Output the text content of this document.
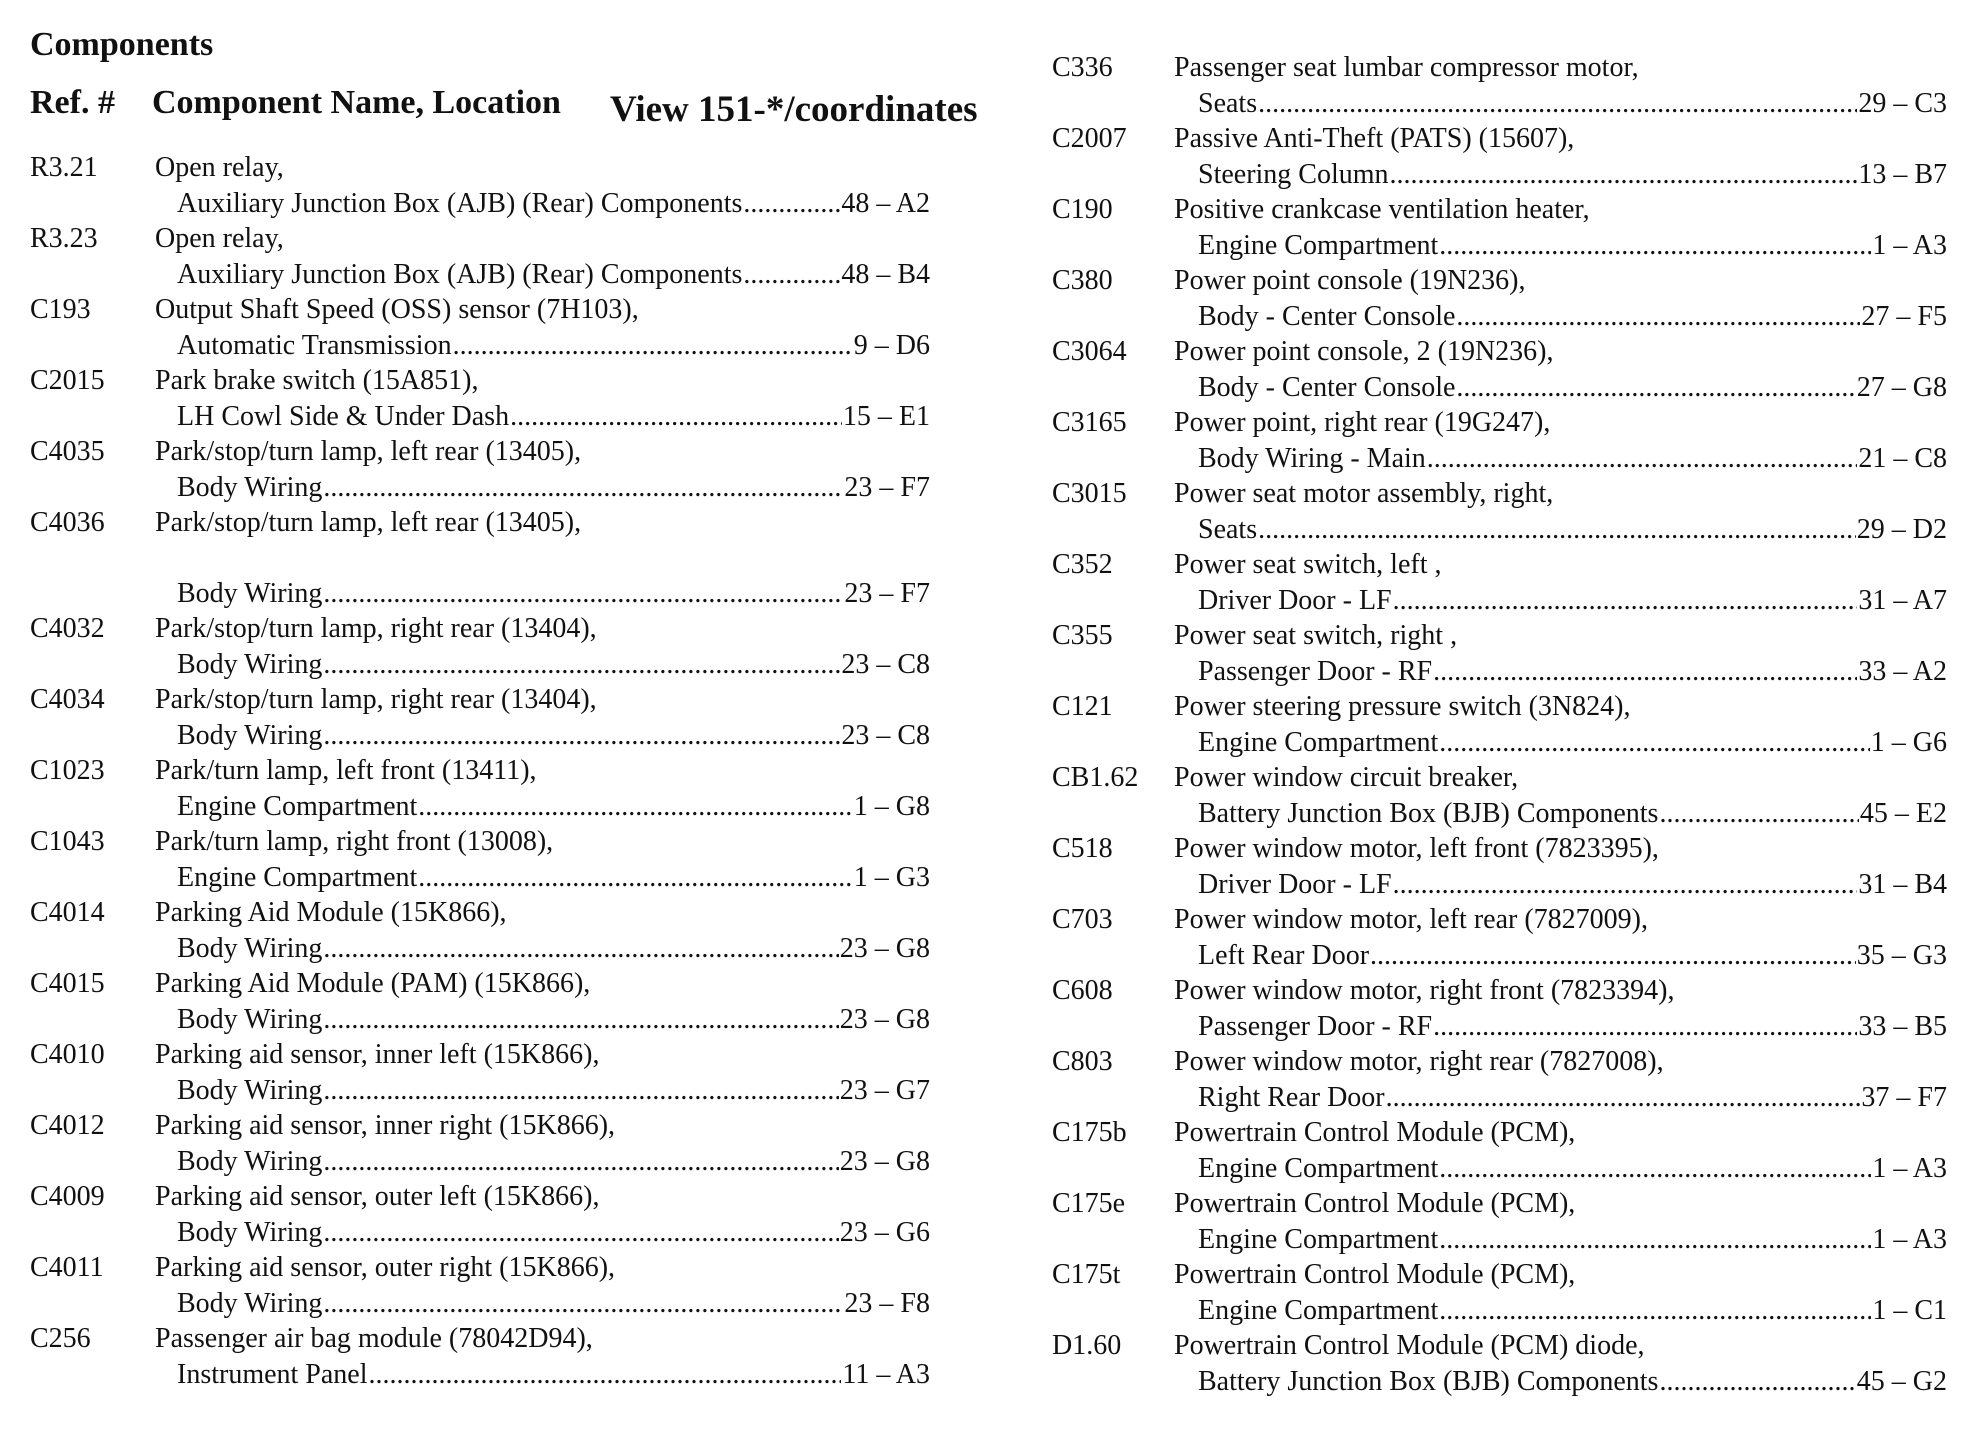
Components
Ref. # Component Name, Location View 151-*/coordinates
R3.21 Open relay,
Auxiliary Junction Box (AJB) (Rear) Components .....	48 – A2
R3.23 Open relay,
Auxiliary Junction Box (AJB) (Rear) Components .....	48 – B4
C193 Output Shaft Speed (OSS) sensor (7H103),
Automatic Transmission .....	9 – D6
C2015 Park brake switch (15A851),
LH Cowl Side & Under Dash .....	15 – E1
C4035 Park/stop/turn lamp, left rear (13405),
Body Wiring .....	23 – F7
C4036 Park/stop/turn lamp, left rear (13405),
Body Wiring .....	23 – F7
C4032 Park/stop/turn lamp, right rear (13404),
Body Wiring .....	23 – C8
C4034 Park/stop/turn lamp, right rear (13404),
Body Wiring .....	23 – C8
C1023 Park/turn lamp, left front (13411),
Engine Compartment .....	1 – G8
C1043 Park/turn lamp, right front (13008),
Engine Compartment .....	1 – G3
C4014 Parking Aid Module (15K866),
Body Wiring .....	23 – G8
C4015 Parking Aid Module (PAM) (15K866),
Body Wiring .....	23 – G8
C4010 Parking aid sensor, inner left (15K866),
Body Wiring .....	23 – G7
C4012 Parking aid sensor, inner right (15K866),
Body Wiring .....	23 – G8
C4009 Parking aid sensor, outer left (15K866),
Body Wiring .....	23 – G6
C4011 Parking aid sensor, outer right (15K866),
Body Wiring .....	23 – F8
C256 Passenger air bag module (78042D94),
Instrument Panel .....	11 – A3
C336 Passenger seat lumbar compressor motor,
Seats .....	29 – C3
C2007 Passive Anti-Theft (PATS) (15607),
Steering Column .....	13 – B7
C190 Positive crankcase ventilation heater,
Engine Compartment .....	1 – A3
C380 Power point console (19N236),
Body - Center Console .....	27 – F5
C3064 Power point console, 2 (19N236),
Body - Center Console .....	27 – G8
C3165 Power point, right rear (19G247),
Body Wiring - Main .....	21 – C8
C3015 Power seat motor assembly, right,
Seats .....	29 – D2
C352 Power seat switch, left ,
Driver Door - LF .....	31 – A7
C355 Power seat switch, right ,
Passenger Door - RF .....	33 – A2
C121 Power steering pressure switch (3N824),
Engine Compartment .....	1 – G6
CB1.62 Power window circuit breaker,
Battery Junction Box (BJB) Components .....	45 – E2
C518 Power window motor, left front (7823395),
Driver Door - LF .....	31 – B4
C703 Power window motor, left rear (7827009),
Left Rear Door .....	35 – G3
C608 Power window motor, right front (7823394),
Passenger Door - RF .....	33 – B5
C803 Power window motor, right rear (7827008),
Right Rear Door .....	37 – F7
C175b Powertrain Control Module (PCM),
Engine Compartment .....	1 – A3
C175e Powertrain Control Module (PCM),
Engine Compartment .....	1 – A3
C175t Powertrain Control Module (PCM),
Engine Compartment .....	1 – C1
D1.60 Powertrain Control Module (PCM) diode,
Battery Junction Box (BJB) Components .....	45 – G2
